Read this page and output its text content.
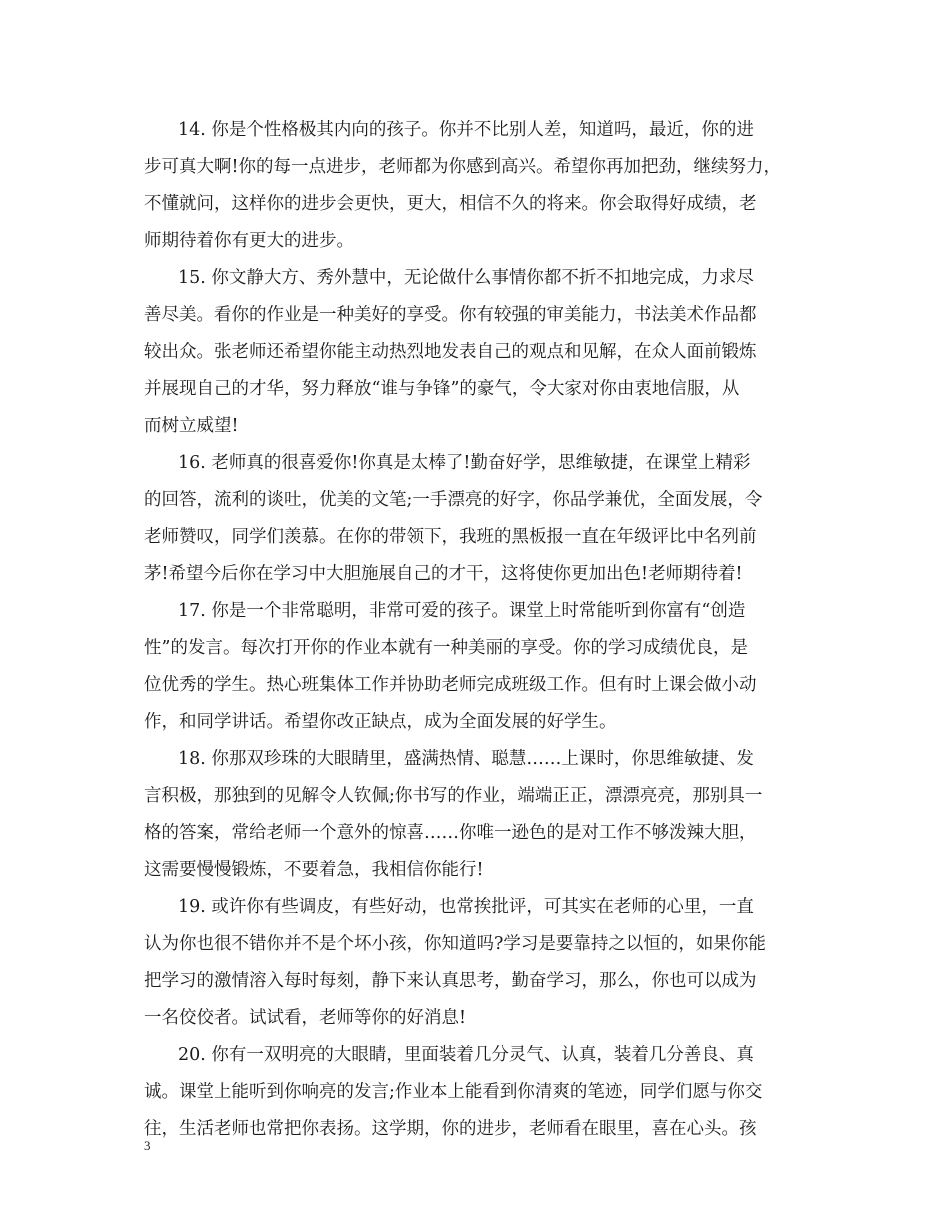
14. 你是个性格极其内向的孩子。你并不比别人差，知道吗，最近，你的进
步可真大啊!你的每一点进步，老师都为你感到高兴。希望你再加把劲，继续努力，
不懂就问，这样你的进步会更快，更大，相信不久的将来。你会取得好成绩，老
师期待着你有更大的进步。
15. 你文静大方、秀外慧中，无论做什么事情你都不折不扣地完成，力求尽
善尽美。看你的作业是一种美好的享受。你有较强的审美能力，书法美术作品都
较出众。张老师还希望你能主动热烈地发表自己的观点和见解，在众人面前锻炼
并展现自己的才华，努力释放“谁与争锋”的豪气，令大家对你由衷地信服，从
而树立威望!
16. 老师真的很喜爱你!你真是太棒了!勤奋好学，思维敏捷，在课堂上精彩
的回答，流利的谈吐，优美的文笔;一手漂亮的好字，你品学兼优，全面发展，令
老师赞叹，同学们羡慕。在你的带领下，我班的黑板报一直在年级评比中名列前
茅!希望今后你在学习中大胆施展自己的才干，这将使你更加出色!老师期待着!
17. 你是一个非常聪明，非常可爱的孩子。课堂上时常能听到你富有“创造
性”的发言。每次打开你的作业本就有一种美丽的享受。你的学习成绩优良，是
位优秀的学生。热心班集体工作并协助老师完成班级工作。但有时上课会做小动
作，和同学讲话。希望你改正缺点，成为全面发展的好学生。
18. 你那双珍珠的大眼睛里，盛满热情、聪慧……上课时，你思维敏捷、发
言积极，那独到的见解令人钦佩;你书写的作业，端端正正，漂漂亮亮，那别具一
格的答案，常给老师一个意外的惊喜……你唯一逊色的是对工作不够泼辣大胆，
这需要慢慢锻炼，不要着急，我相信你能行!
19. 或许你有些调皮，有些好动，也常挨批评，可其实在老师的心里，一直
认为你也很不错你并不是个坏小孩，你知道吗?学习是要靠持之以恒的，如果你能
把学习的激情溶入每时每刻，静下来认真思考，勤奋学习，那么，你也可以成为
一名佼佼者。试试看，老师等你的好消息!
20. 你有一双明亮的大眼睛，里面装着几分灵气、认真，装着几分善良、真
诚。课堂上能听到你响亮的发言;作业本上能看到你清爽的笔迹，同学们愿与你交
往，生活老师也常把你表扬。这学期，你的进步，老师看在眼里，喜在心头。孩
3
